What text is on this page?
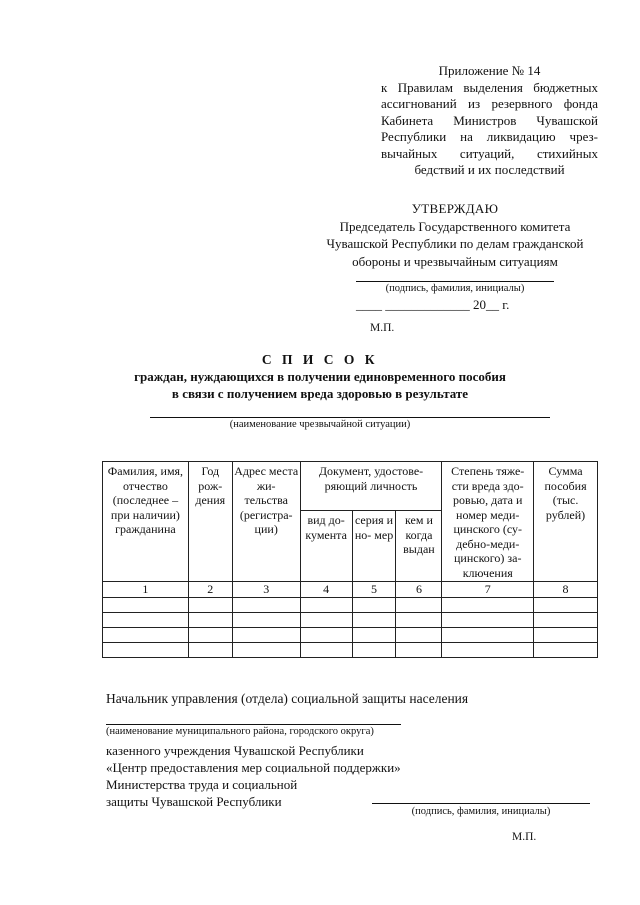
Приложение № 14
к Правилам выделения бюджетных
ассигнований из резервного фонда
Кабинета Министров Чувашской
Республики на ликвидацию чрез-
вычайных ситуаций, стихийных
бедствий и их последствий
УТВЕРЖДАЮ
Председатель Государственного комитета
Чувашской Республики по делам гражданской
обороны и чрезвычайным ситуациям
(подпись, фамилия, инициалы)
____ _____________ 20__ г.
М.П.
С П И С О К
граждан, нуждающихся в получении единовременного пособия
в связи с получением вреда здоровью в результате
(наименование чрезвычайной ситуации)
Фамилия, имя, отчество (последнее – при наличии) гражданина	Год рож- дения	Адрес места жи- тельства (регистра- ции)	Документ, удостове- ряющий личность			Степень тяже- сти вреда здо- ровью, дата и номер меди- цинского (су- дебно-меди- цинского) за- ключения	Сумма пособия (тыс. рублей)
			вид до- кумента	серия и но- мер	кем и когда выдан		
1	2	3	4	5	6	7	8

Начальник управления (отдела) социальной защиты населения
(наименование муниципального района, городского округа)
казенного учреждения Чувашской Республики
«Центр предоставления мер социальной поддержки»
Министерства труда и социальной
защиты Чувашской Республики
(подпись, фамилия, инициалы)
М.П.
